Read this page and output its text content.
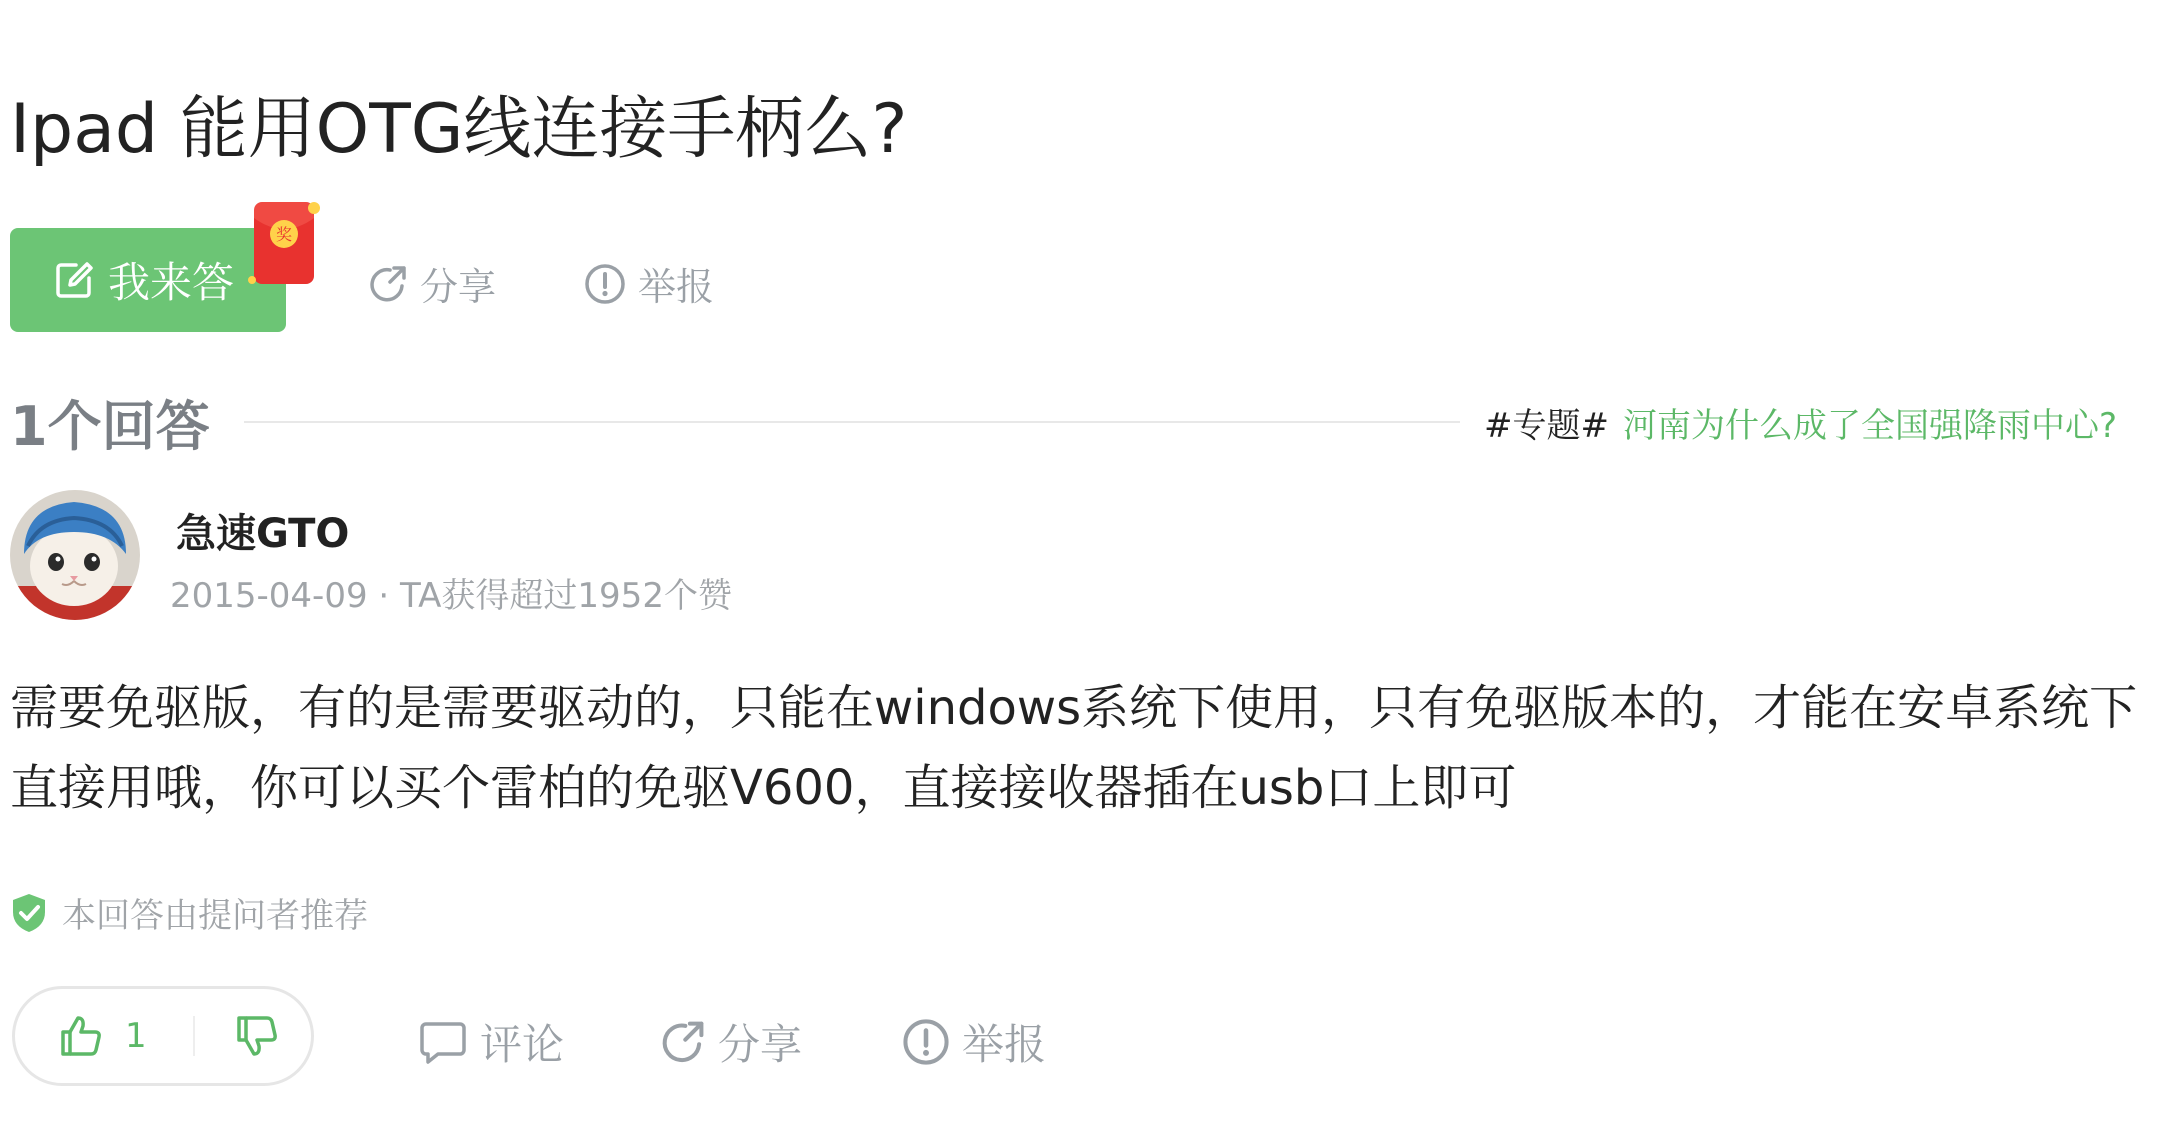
Ipad 能用OTG线连接手柄么?
我来答
奖
分享	举报
1个回答	#专题# 河南为什么成了全国强降雨中心?
急速GTO
2015-04-09 · TA获得超过1952个赞
需要免驱版，有的是需要驱动的，只能在windows系统下使用，只有免驱版本的，才能在安卓系统下直接用哦，你可以买个雷柏的免驱V600，直接接收器插在usb口上即可
本回答由提问者推荐
1	评论	分享	举报
